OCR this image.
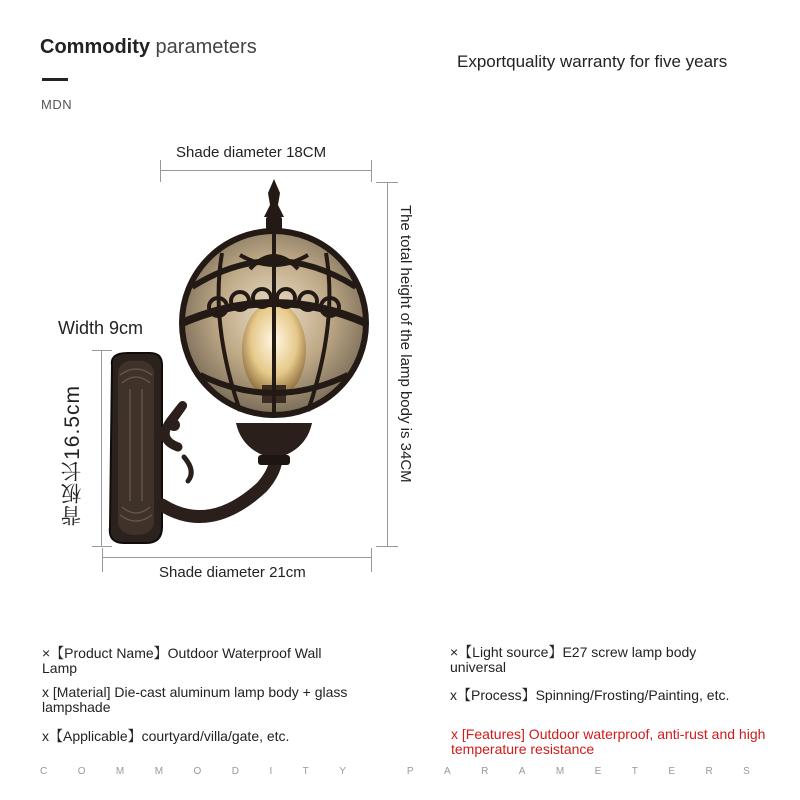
Commodity parameters
MDN
Exportquality warranty for five years
Shade diameter 18CM
Width 9cm
背板长16.5cm	The total height of the lamp body is 34CM
Shade diameter 21cm
×【Product Name】Outdoor Waterproof Wall Lamp
x [Material] Die-cast aluminum lamp body + glass lampshade
x【Applicable】courtyard/villa/gate, etc.
×【Light source】E27 screw lamp body universal
x【Process】Spinning/Frosting/Painting, etc.
x [Features] Outdoor waterproof, anti-rust and high temperature resistance
C	O	M	M	O	D	I	T	Y	P	A	R	A	M	E	T	E	R	S
